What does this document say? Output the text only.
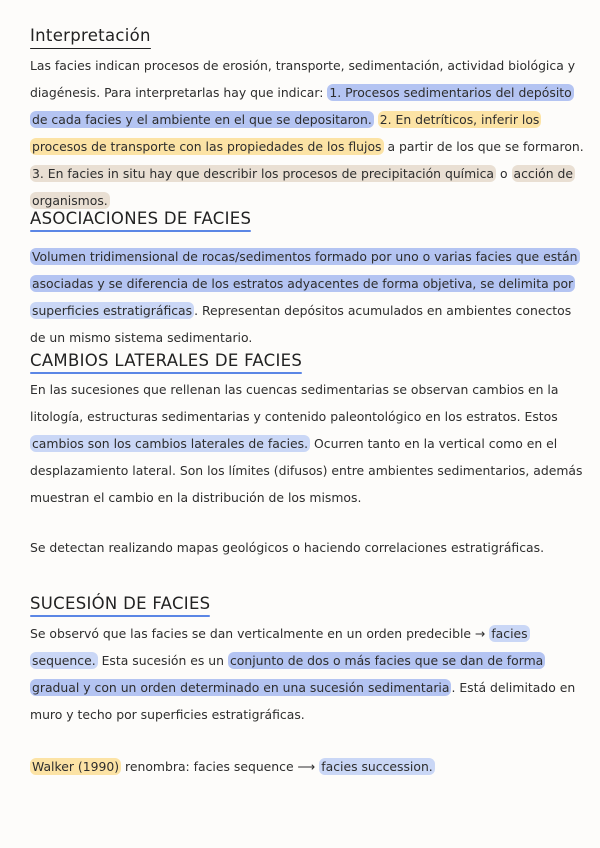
Interpretación
Las facies indican procesos de erosión, transporte, sedimentación, actividad biológica y diagénesis. Para interpretarlas hay que indicar: 1. Procesos sedimentarios del depósito de cada facies y el ambiente en el que se depositaron. 2. En detríticos, inferir los procesos de transporte con las propiedades de los flujos a partir de los que se formaron. 3. En facies in situ hay que describir los procesos de precipitación química o acción de organismos.
ASOCIACIONES DE FACIES
Volumen tridimensional de rocas/sedimentos formado por uno o varias facies que están asociadas y se diferencia de los estratos adyacentes de forma objetiva, se delimita por superficies estratigráficas . Representan depósitos acumulados en ambientes conectos de un mismo sistema sedimentario.
CAMBIOS LATERALES DE FACIES
En las sucesiones que rellenan las cuencas sedimentarias se observan cambios en la litología, estructuras sedimentarias y contenido paleontológico en los estratos. Estos cambios son los cambios laterales de facies. Ocurren tanto en la vertical como en el desplazamiento lateral. Son los límites (difusos) entre ambientes sedimentarios, además muestran el cambio en la distribución de los mismos.
Se detectan realizando mapas geológicos o haciendo correlaciones estratigráficas.
SUCESIÓN DE FACIES
Se observó que las facies se dan verticalmente en un orden predecible → facies sequence. Esta sucesión es un conjunto de dos o más facies que se dan de forma gradual y con un orden determinado en una sucesión sedimentaria . Está delimitado en muro y techo por superficies estratigráficas.
Walker (1990) renombra: facies sequence ⟶ facies succession.
